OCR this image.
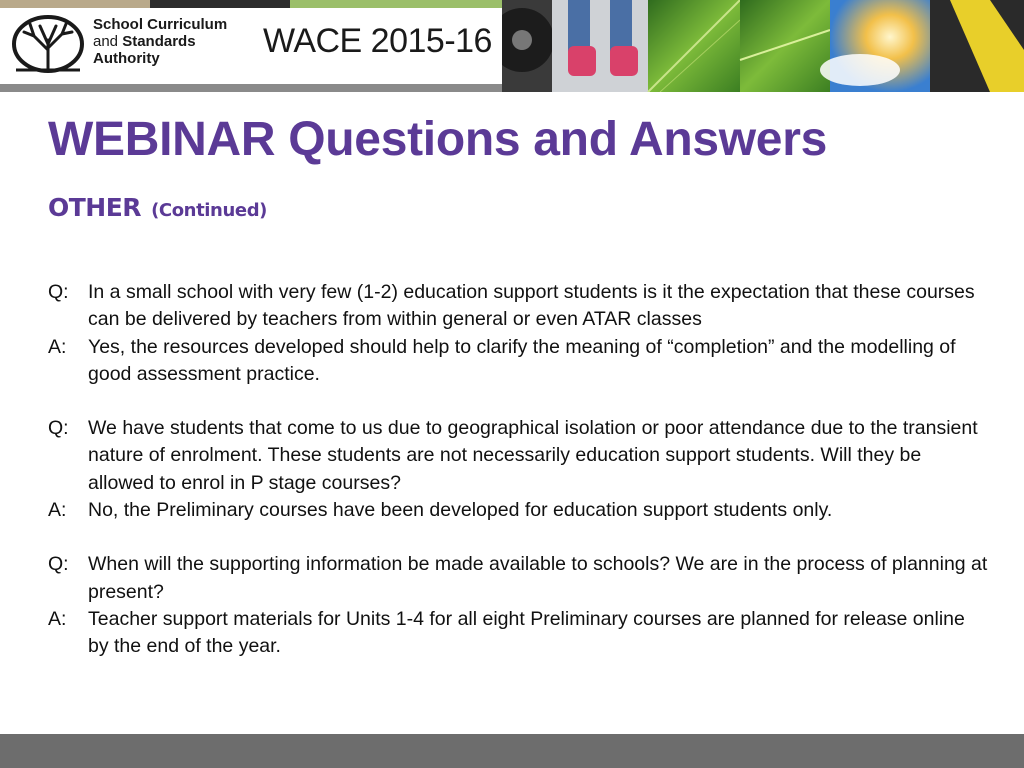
School Curriculum
and Standards
Authority	WACE 2015-16
WEBINAR Questions and Answers
OTHER (Continued)
Q: In a small school with very few (1-2) education support students is it the expectation that these courses can be delivered by teachers from within general or even ATAR classes
A:	Yes, the resources developed should help to clarify the meaning of “completion” and the modelling of good assessment practice.
Q: We have students that come to us due to geographical isolation or poor attendance due to the transient nature of enrolment. These students are not necessarily education support students. Will they be allowed to enrol in P stage courses?
A:	No, the Preliminary courses have been developed for education support students only.
Q: When will the supporting information be made available to schools? We are in the process of planning at present?
A:	Teacher support materials for Units 1-4 for all eight Preliminary courses are planned for release online by the end of the year.
